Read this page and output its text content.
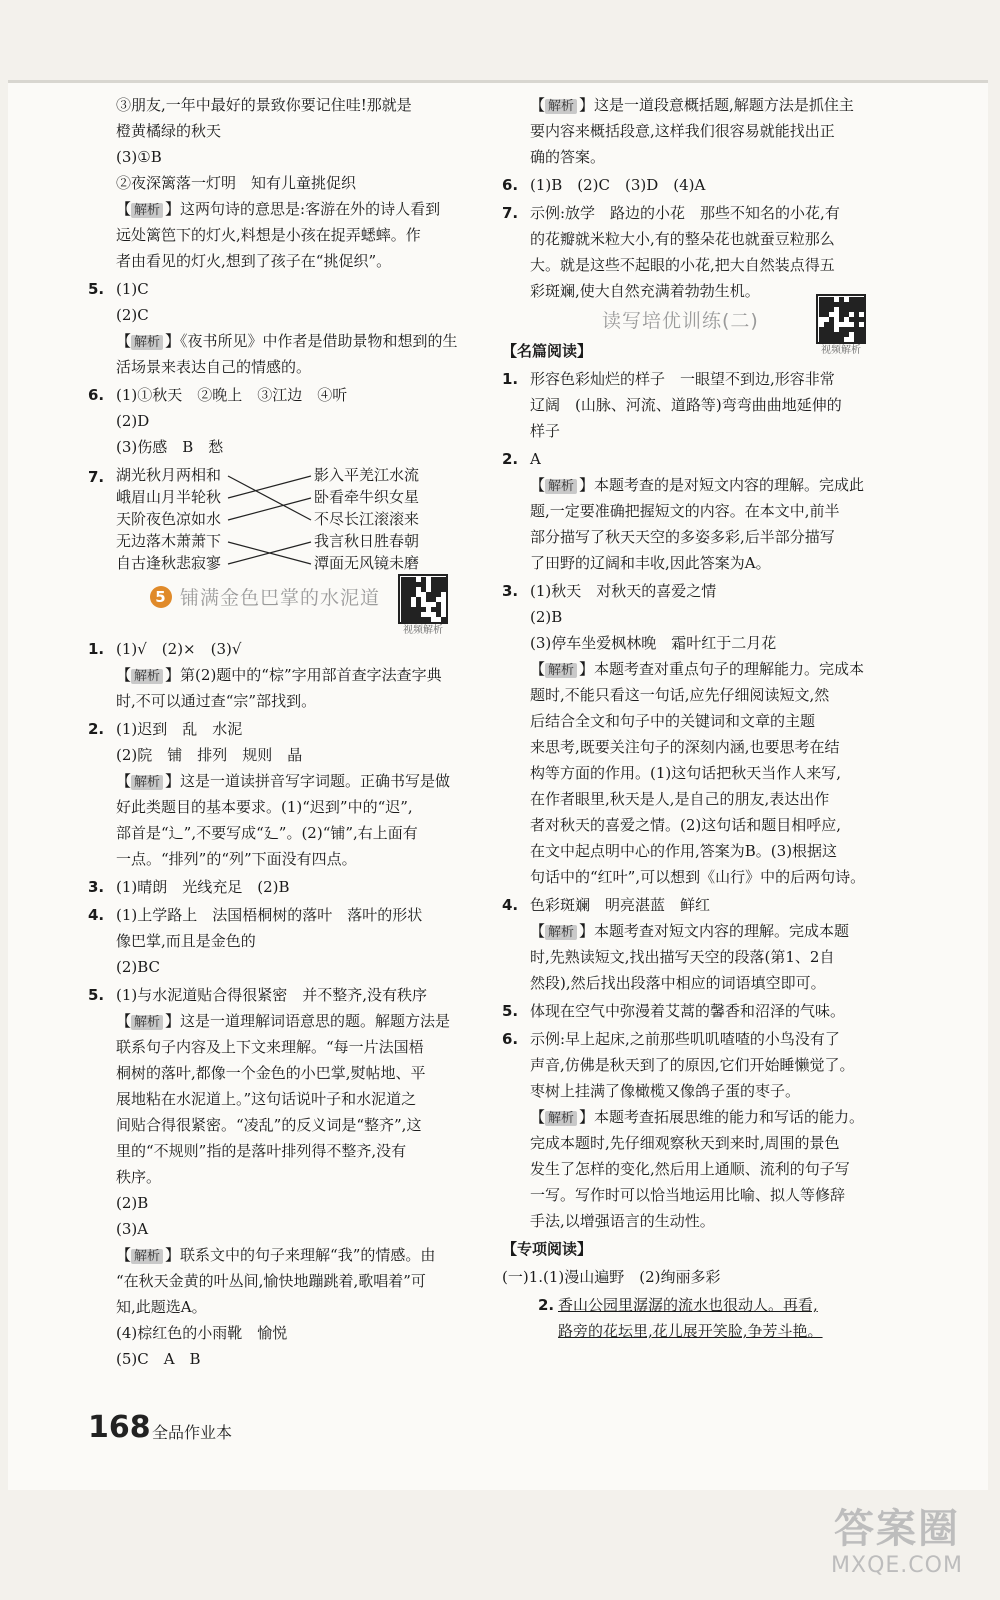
③朋友,一年中最好的景致你要记住哇!那就是
橙黄橘绿的秋天
(3)①B
②夜深篱落一灯明　知有儿童挑促织
【 解析 】这两句诗的意思是:客游在外的诗人看到
远处篱笆下的灯火,料想是小孩在捉弄蟋蟀。作
者由看见的灯火,想到了孩子在“挑促织”。
5. (1)C
(2)C
【 解析 】《夜书所见》中作者是借助景物和想到的生
活场景来表达自己的情感的。
6. (1)①秋天　②晚上　③江边　④听
(2)D
(3)伤感　B　愁
7. 湖光秋月两相和
峨眉山月半轮秋
天阶夜色凉如水
无边落木萧萧下
自古逢秋悲寂寥
影入平羌江水流
卧看牵牛织女星
不尽长江滚滚来
我言秋日胜春朝
潭面无风镜未磨
5 铺满金色巴掌的水泥道
视频解析
1. (1)√　(2)×　(3)√
【 解析 】第(2)题中的“棕”字用部首查字法查字典
时,不可以通过查“宗”部找到。
2. (1)迟到　乱　水泥
(2)院　铺　排列　规则　晶
【 解析 】这是一道读拼音写字词题。正确书写是做
好此类题目的基本要求。(1)“迟到”中的“迟”,
部首是“辶”,不要写成“廴”。(2)“铺”,右上面有
一点。“排列”的“列”下面没有四点。
3. (1)晴朗　光线充足　(2)B
4. (1)上学路上　法国梧桐树的落叶　落叶的形状
像巴掌,而且是金色的
(2)BC
5. (1)与水泥道贴合得很紧密　并不整齐,没有秩序
【 解析 】这是一道理解词语意思的题。解题方法是
联系句子内容及上下文来理解。“每一片法国梧
桐树的落叶,都像一个金色的小巴掌,熨帖地、平
展地粘在水泥道上。”这句话说叶子和水泥道之
间贴合得很紧密。“凌乱”的反义词是“整齐”,这
里的“不规则”指的是落叶排列得不整齐,没有
秩序。
(2)B
(3)A
【 解析 】联系文中的句子来理解“我”的情感。由
“在秋天金黄的叶丛间,愉快地蹦跳着,歌唱着”可
知,此题选A。
(4)棕红色的小雨靴　愉悦
(5)C　A　B
【 解析 】这是一道段意概括题,解题方法是抓住主
要内容来概括段意,这样我们很容易就能找出正
确的答案。
6. (1)B　(2)C　(3)D　(4)A
7. 示例:放学　路边的小花　那些不知名的小花,有
的花瓣就米粒大小,有的整朵花也就蚕豆粒那么
大。就是这些不起眼的小花,把大自然装点得五
彩斑斓,使大自然充满着勃勃生机。
读写培优训练(二)
视频解析
【名篇阅读】
1. 形容色彩灿烂的样子　一眼望不到边,形容非常
辽阔　(山脉、河流、道路等)弯弯曲曲地延伸的
样子
2. A
【 解析 】本题考查的是对短文内容的理解。完成此
题,一定要准确把握短文的内容。在本文中,前半
部分描写了秋天天空的多姿多彩,后半部分描写
了田野的辽阔和丰收,因此答案为A。
3. (1)秋天　对秋天的喜爱之情
(2)B
(3)停车坐爱枫林晚　霜叶红于二月花
【 解析 】本题考查对重点句子的理解能力。完成本
题时,不能只看这一句话,应先仔细阅读短文,然
后结合全文和句子中的关键词和文章的主题
来思考,既要关注句子的深刻内涵,也要思考在结
构等方面的作用。(1)这句话把秋天当作人来写,
在作者眼里,秋天是人,是自己的朋友,表达出作
者对秋天的喜爱之情。(2)这句话和题目相呼应,
在文中起点明中心的作用,答案为B。(3)根据这
句话中的“红叶”,可以想到《山行》中的后两句诗。
4. 色彩斑斓　明亮湛蓝　鲜红
【 解析 】本题考查对短文内容的理解。完成本题
时,先熟读短文,找出描写天空的段落(第1、2自
然段),然后找出段落中相应的词语填空即可。
5. 体现在空气中弥漫着艾蒿的馨香和沼泽的气味。
6. 示例:早上起床,之前那些叽叽喳喳的小鸟没有了
声音,仿佛是秋天到了的原因,它们开始睡懒觉了。
枣树上挂满了像橄榄又像鸽子蛋的枣子。
【 解析 】本题考查拓展思维的能力和写话的能力。
完成本题时,先仔细观察秋天到来时,周围的景色
发生了怎样的变化,然后用上通顺、流利的句子写
一写。写作时可以恰当地运用比喻、拟人等修辞
手法,以增强语言的生动性。
【专项阅读】
(一)1.(1)漫山遍野　(2)绚丽多彩
2. 香山公园里潺潺的流水也很动人。再看,
路旁的花坛里,花儿展开笑脸,争芳斗艳。
168 全品作业本
答案圈
MXQE.COM
